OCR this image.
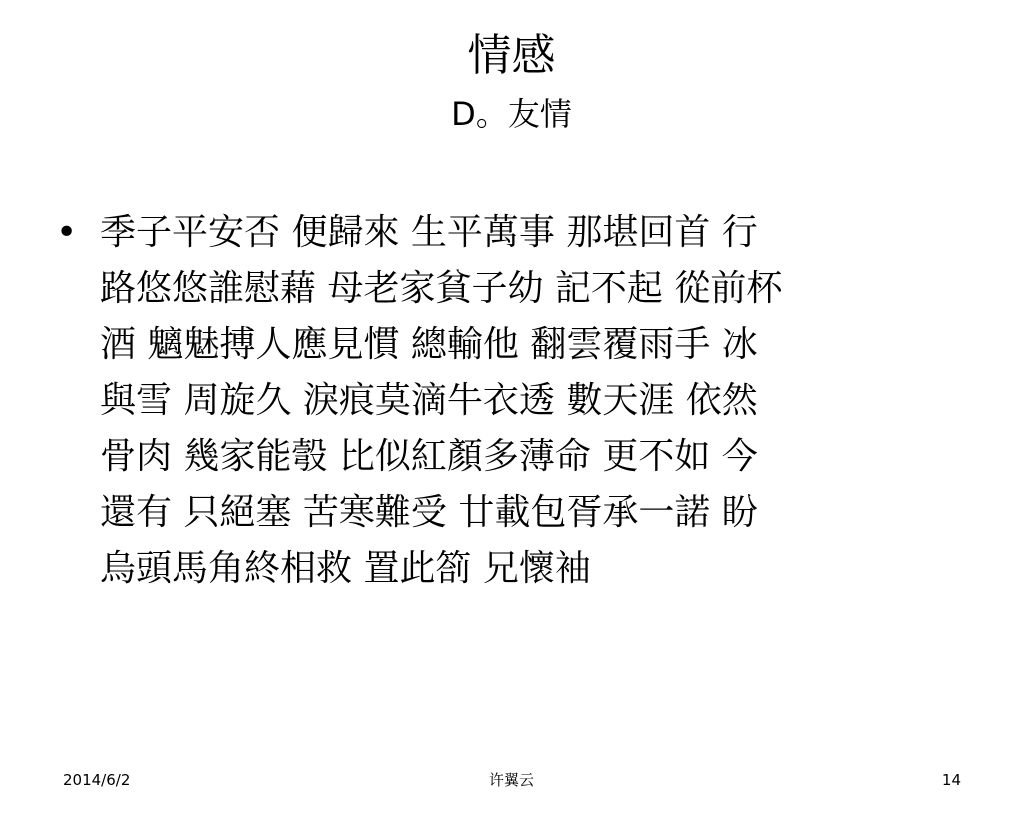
情感
D。友情
• 季子平安否 便歸來 生平萬事 那堪回首 行
路悠悠誰慰藉 母老家貧子幼 記不起 從前杯
酒 魑魅搏人應見慣 總輸他 翻雲覆雨手 冰
與雪 周旋久 淚痕莫滴牛衣透 數天涯 依然
骨肉 幾家能彀 比似紅顏多薄命 更不如 今
還有 只絕塞 苦寒難受 廿載包胥承一諾 盼
烏頭馬角終相救 置此箚 兄懷袖
2014/6/2	许翼云	14
